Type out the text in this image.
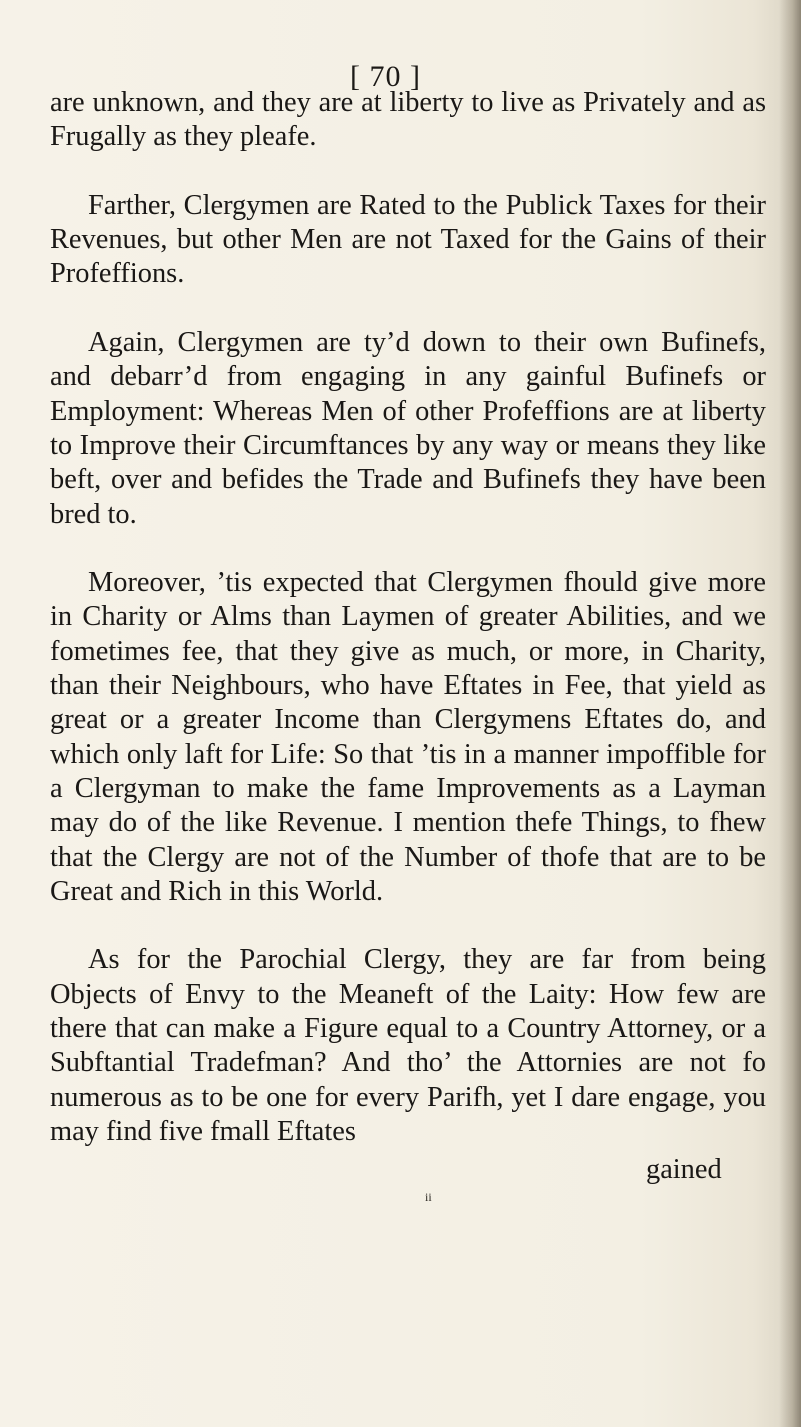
[ 70 ]

are unknown, and they are at liberty to live as Privately and as Frugally as they pleafe.

Farther, Clergymen are Rated to the Publick Taxes for their Revenues, but other Men are not Taxed for the Gains of their Profeffions.

Again, Clergymen are ty’d down to their own Bufinefs, and debarr’d from engaging in any gainful Bufinefs or Employment: Whereas Men of other Profeffions are at liberty to Improve their Circumftances by any way or means they like beft, over and befides the Trade and Bufinefs they have been bred to.

Moreover, ’tis expected that Clergymen fhould give more in Charity or Alms than Laymen of greater Abilities, and we fometimes fee, that they give as much, or more, in Charity, than their Neighbours, who have Eftates in Fee, that yield as great or a greater Income than Clergymens Eftates do, and which only laft for Life: So that ’tis in a manner impoffible for a Clergyman to make the fame Improvements as a Layman may do of the like Revenue. I mention thefe Things, to fhew that the Clergy are not of the Number of thofe that are to be Great and Rich in this World.

As for the Parochial Clergy, they are far from being Objects of Envy to the Meaneft of the Laity: How few are there that can make a Figure equal to a Country Attorney, or a Subftantial Tradefman? And tho’ the Attornies are not fo numerous as to be one for every Parifh, yet I dare engage, you may find five fmall Eftates

gained
ii
